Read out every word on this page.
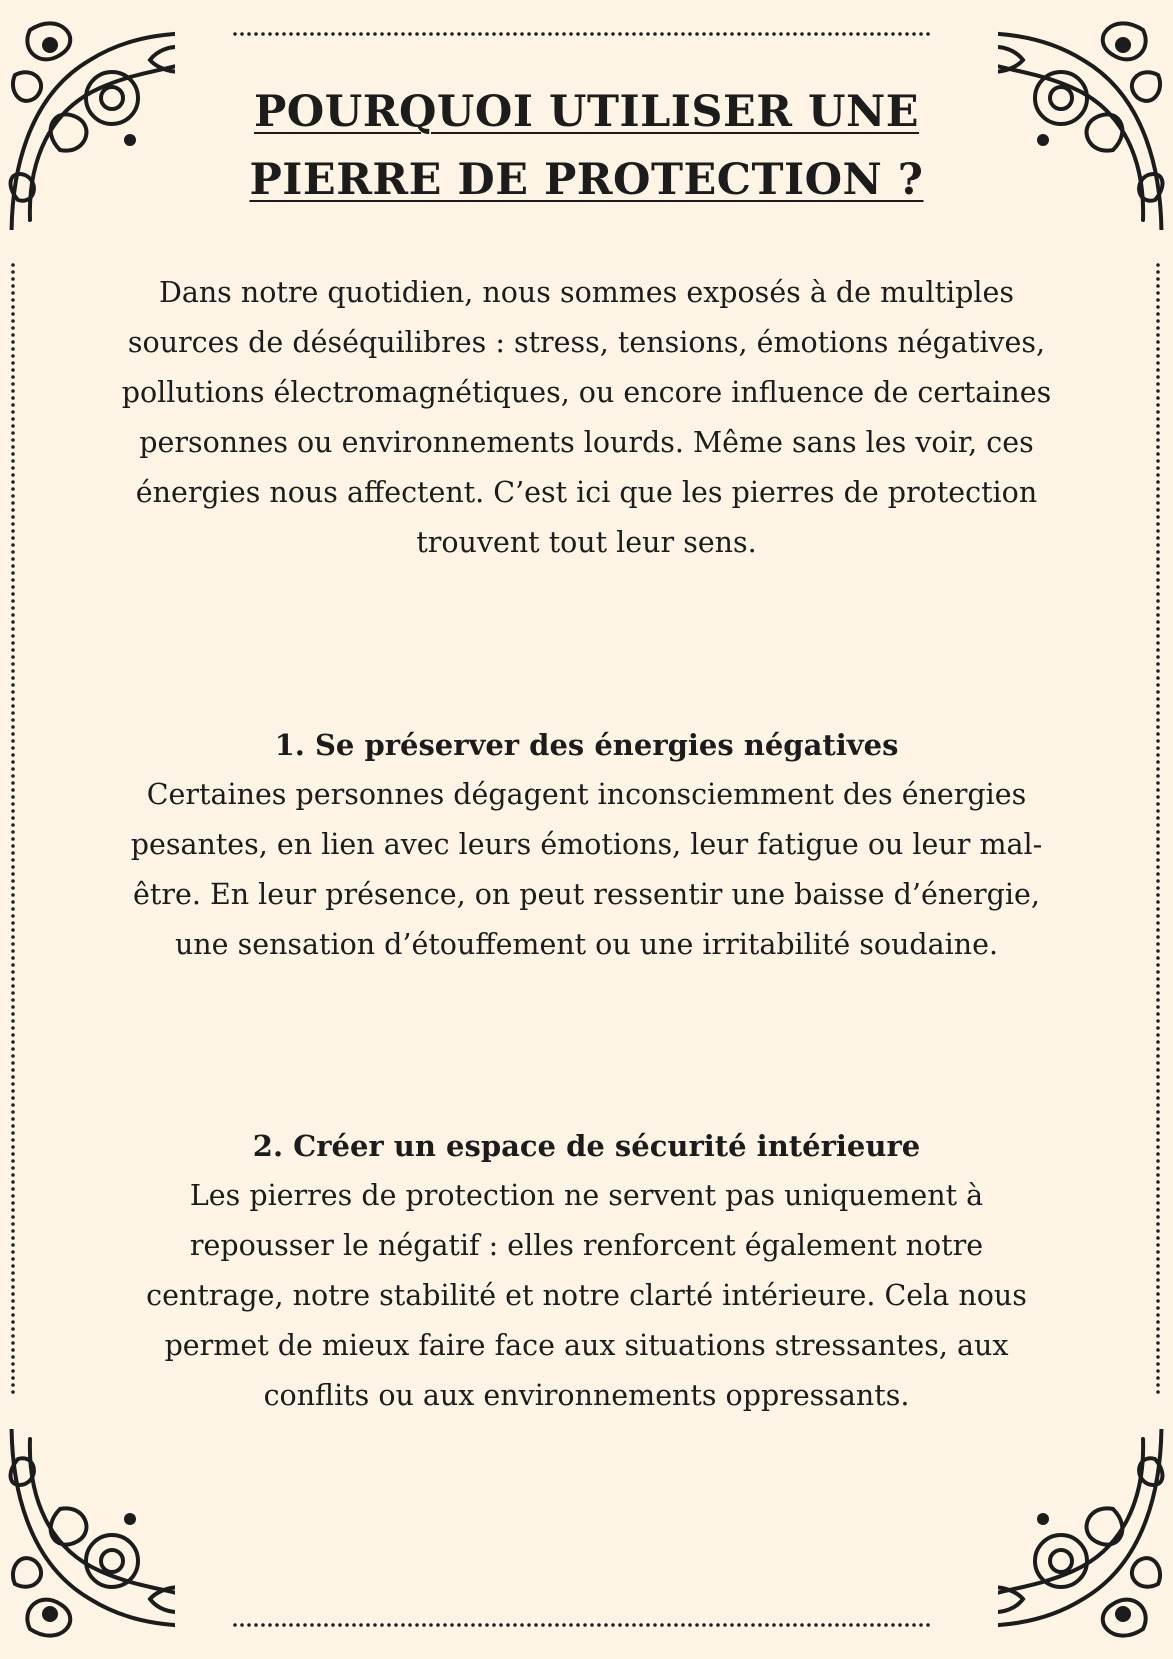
POURQUOI UTILISER UNE
PIERRE DE PROTECTION ?

Dans notre quotidien, nous sommes exposés à de multiples sources de déséquilibres : stress, tensions, émotions négatives, pollutions électromagnétiques, ou encore influence de certaines personnes ou environnements lourds. Même sans les voir, ces énergies nous affectent. C’est ici que les pierres de protection trouvent tout leur sens.

1. Se préserver des énergies négatives
Certaines personnes dégagent inconsciemment des énergies pesantes, en lien avec leurs émotions, leur fatigue ou leur mal-être. En leur présence, on peut ressentir une baisse d’énergie, une sensation d’étouffement ou une irritabilité soudaine.
2. Créer un espace de sécurité intérieure
Les pierres de protection ne servent pas uniquement à repousser le négatif : elles renforcent également notre centrage, notre stabilité et notre clarté intérieure. Cela nous permet de mieux faire face aux situations stressantes, aux conflits ou aux environnements oppressants.
